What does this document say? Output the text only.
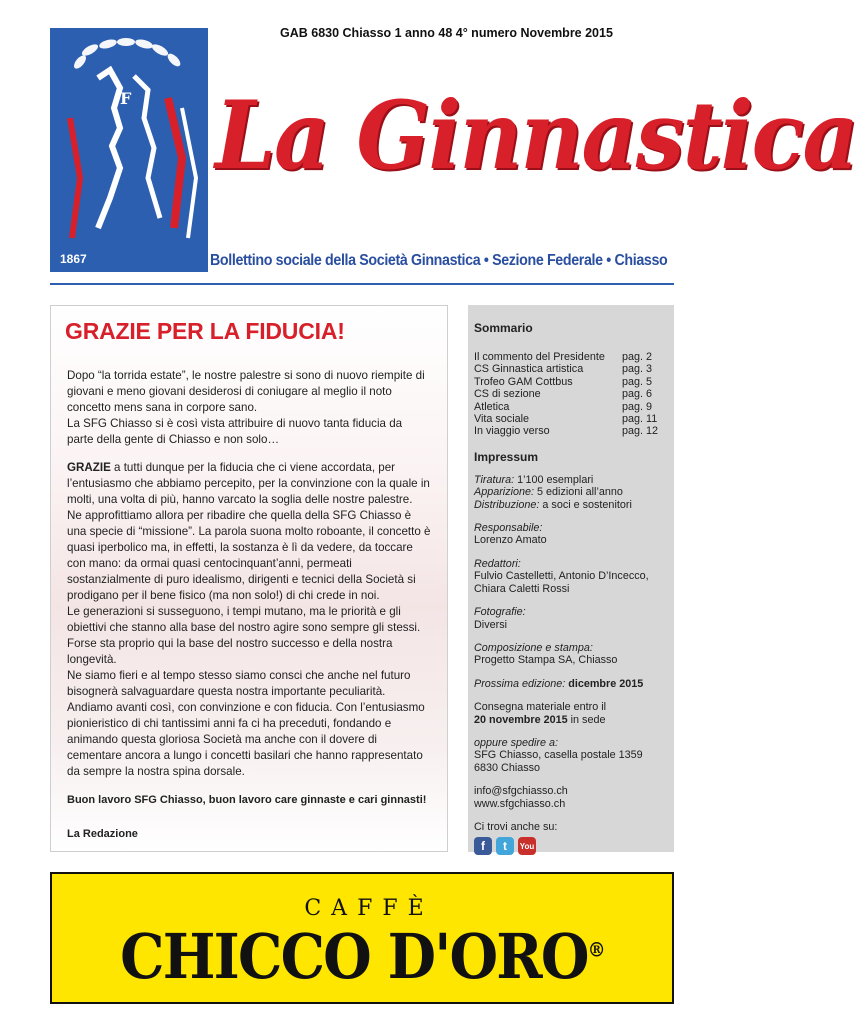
GAB 6830 Chiasso 1 anno 48 4° numero Novembre 2015
F
1867
La Ginnastica
Bollettino sociale della Società Ginnastica • Sezione Federale • Chiasso
GRAZIE PER LA FIDUCIA!

Dopo “la torrida estate”, le nostre palestre si sono di nuovo riempite di giovani e meno giovani desiderosi di coniugare al meglio il noto concetto mens sana in corpore sano.

La SFG Chiasso si è così vista attribuire di nuovo tanta fiducia da parte della gente di Chiasso e non solo…

GRAZIE a tutti dunque per la fiducia che ci viene accordata, per l’entusiasmo che abbiamo percepito, per la convinzione con la quale in molti, una volta di più, hanno varcato la soglia delle nostre palestre.

Ne approfittiamo allora per ribadire che quella della SFG Chiasso è una specie di “missione”. La parola suona molto roboante, il concetto è quasi iperbolico ma, in effetti, la sostanza è lì da vedere, da toccare con mano: da ormai quasi centocinquant’anni, permeati sostanzialmente di puro idealismo, dirigenti e tecnici della Società si prodigano per il bene fisico (ma non solo!) di chi crede in noi.

Le generazioni si susseguono, i tempi mutano, ma le priorità e gli obiettivi che stanno alla base del nostro agire sono sempre gli stessi. Forse sta proprio qui la base del nostro successo e della nostra longevità.

Ne siamo fieri e al tempo stesso siamo consci che anche nel futuro bisognerà salvaguardare questa nostra importante peculiarità.

Andiamo avanti così, con convinzione e con fiducia. Con l’entusiasmo pionieristico di chi tantissimi anni fa ci ha preceduti, fondando e animando questa gloriosa Società ma anche con il dovere di cementare ancora a lungo i concetti basilari che hanno rappresentato da sempre la nostra spina dorsale.

Buon lavoro SFG Chiasso, buon lavoro care ginnaste e cari ginnasti!
La Redazione
Sommario
Il commento del Presidente pag. 2
CS Ginnastica artistica	pag. 3
Trofeo GAM Cottbus	pag. 5
CS di sezione	pag. 6
Atletica	pag. 9
Vita sociale	pag. 11
In viaggio verso	pag. 12
Impressum

Tiratura: 1’100 esemplari
Apparizione: 5 edizioni all’anno
Distribuzione: a soci e sostenitori

Responsabile:
Lorenzo Amato

Redattori:
Fulvio Castelletti, Antonio D’Incecco,
Chiara Caletti Rossi

Fotografie:
Diversi

Composizione e stampa:
Progetto Stampa SA, Chiasso

Prossima edizione: dicembre 2015

Consegna materiale entro il
20 novembre 2015 in sede

oppure spedire a:
SFG Chiasso, casella postale 1359
6830 Chiasso

info@sfgchiasso.ch
www.sfgchiasso.ch

Ci trovi anche su:

f	t	You
CAFFÈ
CHICCO D'ORO®
